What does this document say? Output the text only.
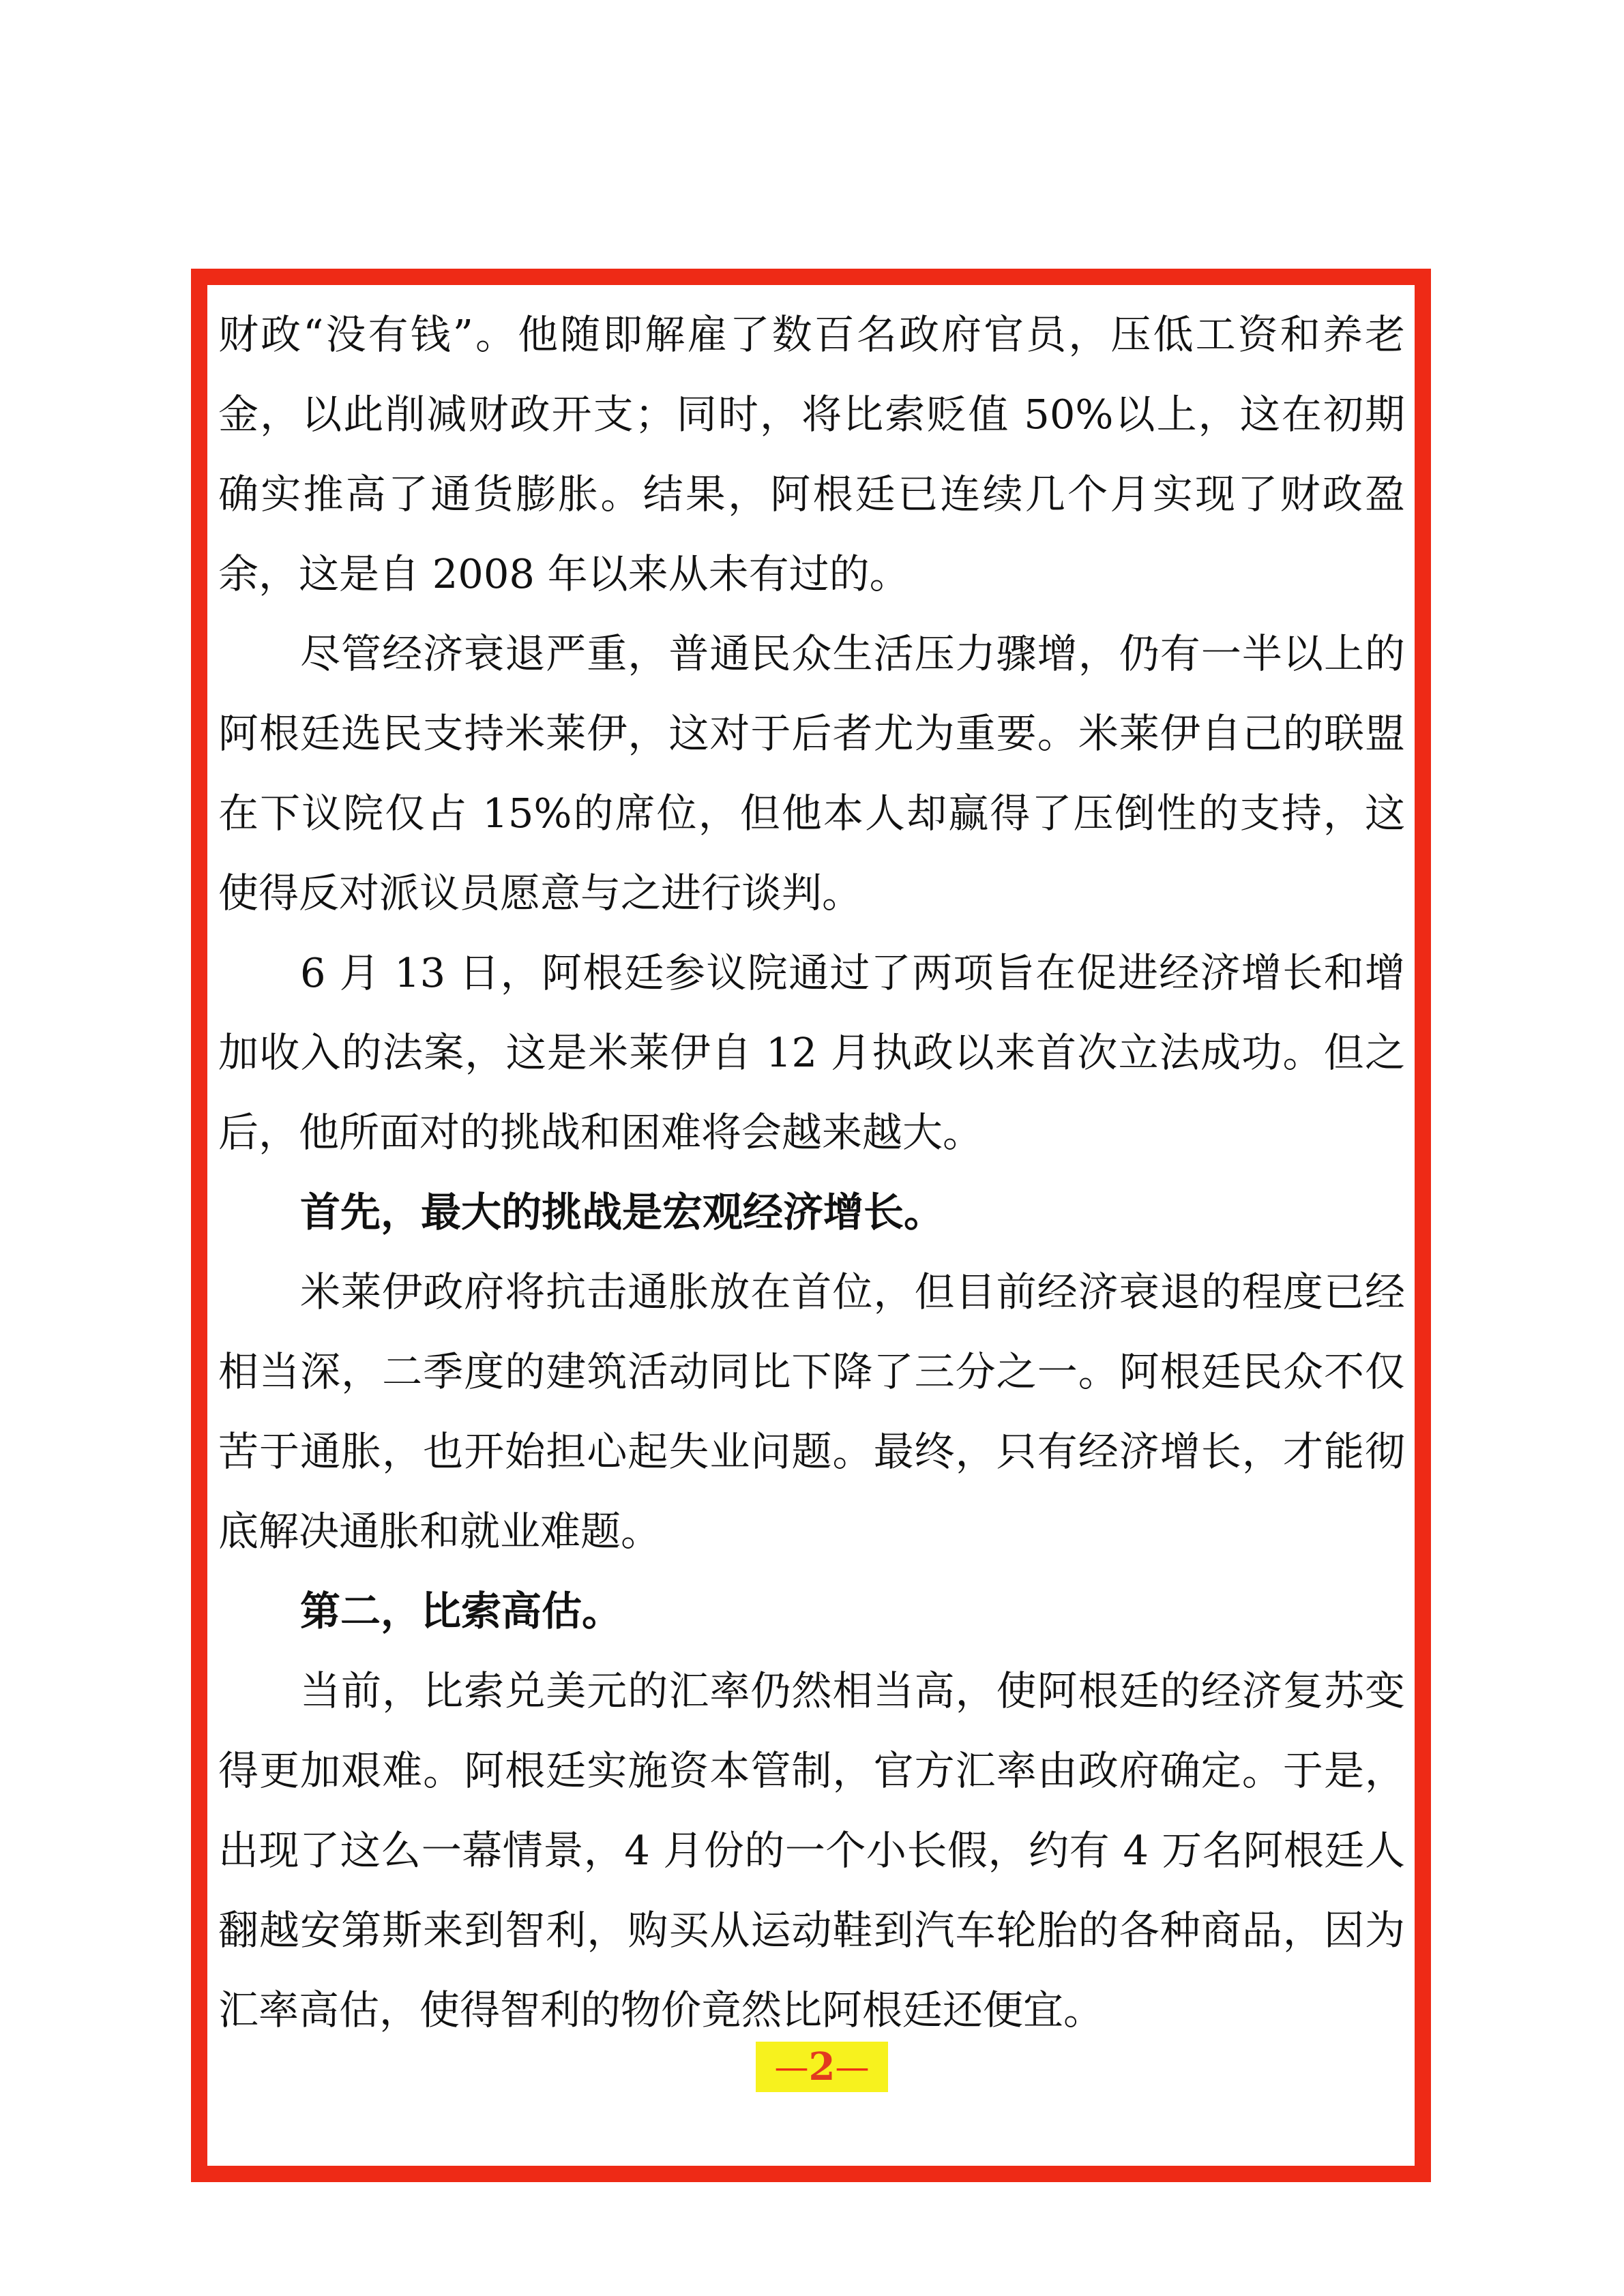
财政“没有钱”。他随即解雇了数百名政府官员，压低工资和养老金，以此削减财政开支；同时，将比索贬值 50%以上，这在初期确实推高了通货膨胀。结果，阿根廷已连续几个月实现了财政盈余，这是自 2008 年以来从未有过的。

尽管经济衰退严重，普通民众生活压力骤增，仍有一半以上的阿根廷选民支持米莱伊，这对于后者尤为重要。米莱伊自己的联盟在下议院仅占 15%的席位，但他本人却赢得了压倒性的支持，这使得反对派议员愿意与之进行谈判。

6 月 13 日，阿根廷参议院通过了两项旨在促进经济增长和增加收入的法案，这是米莱伊自 12 月执政以来首次立法成功。但之后，他所面对的挑战和困难将会越来越大。

首先，最大的挑战是宏观经济增长。

米莱伊政府将抗击通胀放在首位，但目前经济衰退的程度已经相当深，二季度的建筑活动同比下降了三分之一。阿根廷民众不仅苦于通胀，也开始担心起失业问题。最终，只有经济增长，才能彻底解决通胀和就业难题。

第二，比索高估。

当前，比索兑美元的汇率仍然相当高，使阿根廷的经济复苏变得更加艰难。阿根廷实施资本管制，官方汇率由政府确定。于是，出现了这么一幕情景，4 月份的一个小长假，约有 4 万名阿根廷人翻越安第斯来到智利，购买从运动鞋到汽车轮胎的各种商品，因为汇率高估，使得智利的物价竟然比阿根廷还便宜。

— 2 —
